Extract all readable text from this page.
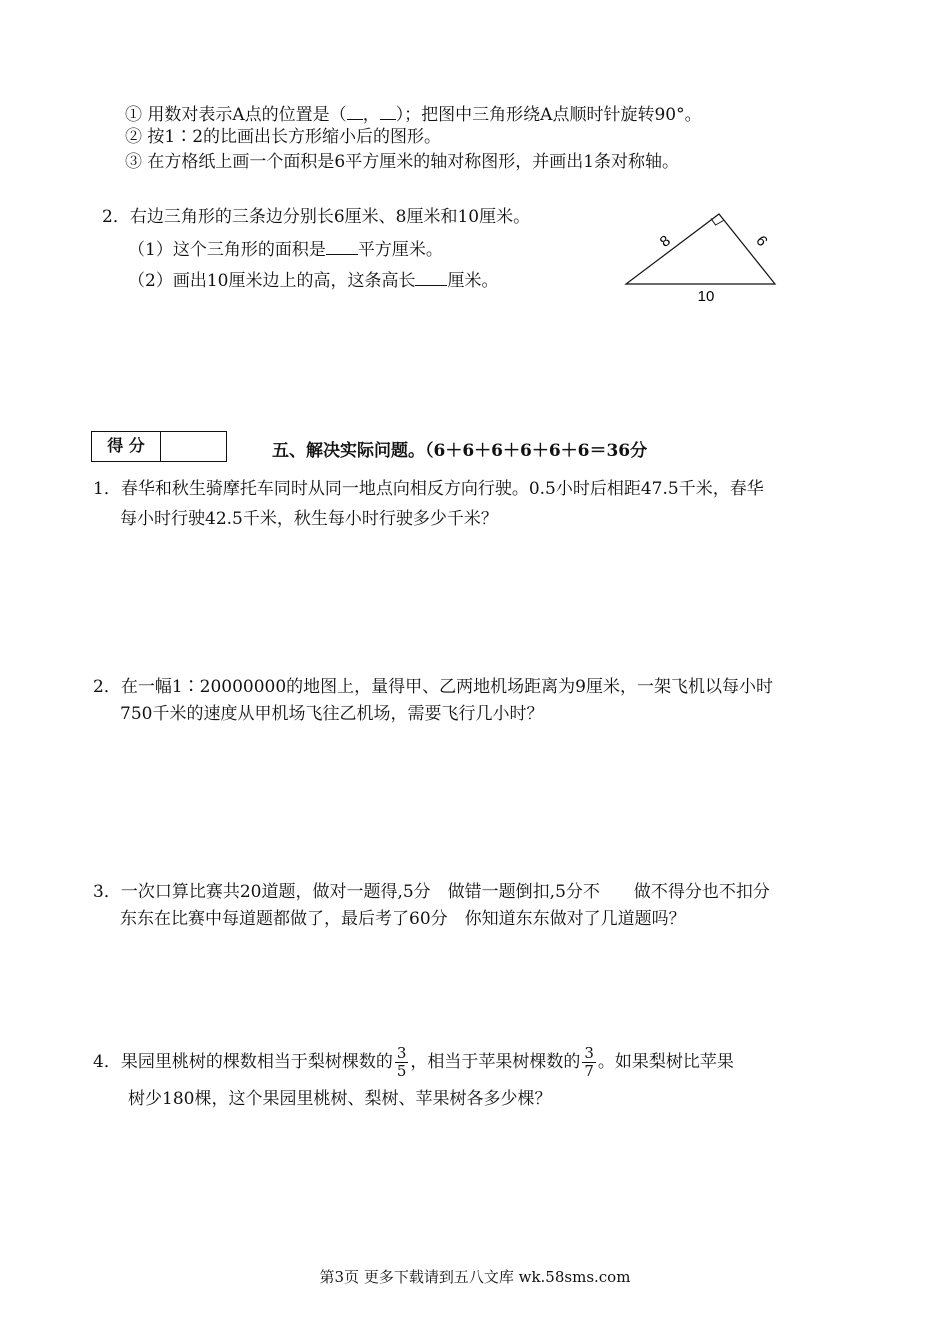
① 用数对表示A点的位置是（ ， ）；把图中三角形绕A点顺时针旋转90°。
② 按1∶2的比画出长方形缩小后的图形。
③ 在方格纸上画一个面积是6平方厘米的轴对称图形，并画出1条对称轴。
2．右边三角形的三条边分别长6厘米、8厘米和10厘米。
（1）这个三角形的面积是 平方厘米。
（2）画出10厘米边上的高，这条高长 厘米。
8	6
10
得 分	五、解决实际问题。（6＋6＋6＋6＋6＋6＝36分
1．春华和秋生骑摩托车同时从同一地点向相反方向行驶。0.5小时后相距47.5千米，春华
每小时行驶42.5千米，秋生每小时行驶多少千米？
2．在一幅1∶20000000的地图上，量得甲、乙两地机场距离为9厘米，一架飞机以每小时
750千米的速度从甲机场飞往乙机场，需要飞行几小时？
3．一次口算比赛共20道题，做对一题得,5分　做错一题倒扣,5分不　　做不得分也不扣分
东东在比赛中每道题都做了，最后考了60分　你知道东东做对了几道题吗？
4．果园里桃树的棵数相当于梨树棵数的 $\frac{3}{5}$ ，相当于苹果树棵数的 $\frac{3}{7}$ 。如果梨树比苹果
树少180棵，这个果园里桃树、梨树、苹果树各多少棵？
第3页 更多下载请到五八文库 wk.58sms.com
